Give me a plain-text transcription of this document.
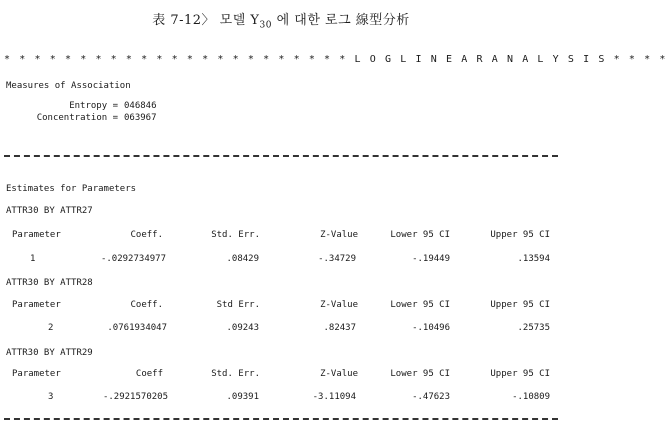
表 7-12〉 모델 $Y_{30}$ 에 대한 로그 線型分析
* * * * * * * * * * * * * * * * * * * * * * * L O G L I N E A R A N A L Y S I S * * * *
Measures of Association
Entropy = 046846
Concentration = 063967
Estimates for Parameters
ATTR30 BY ATTR27
Parameter	Coeff.	Std. Err.	Z-Value	Lower 95 CI	Upper 95 CI
1	-.0292734977	.08429	-.34729	-.19449	.13594
ATTR30 BY ATTR28
Parameter	Coeff.	Std Err.	Z-Value	Lower 95 CI	Upper 95 CI
2	.0761934047	.09243	.82437	-.10496	.25735
ATTR30 BY ATTR29
Parameter	Coeff	Std. Err.	Z-Value	Lower 95 CI	Upper 95 CI
3	-.2921570205	.09391	-3.11094	-.47623	-.10809
